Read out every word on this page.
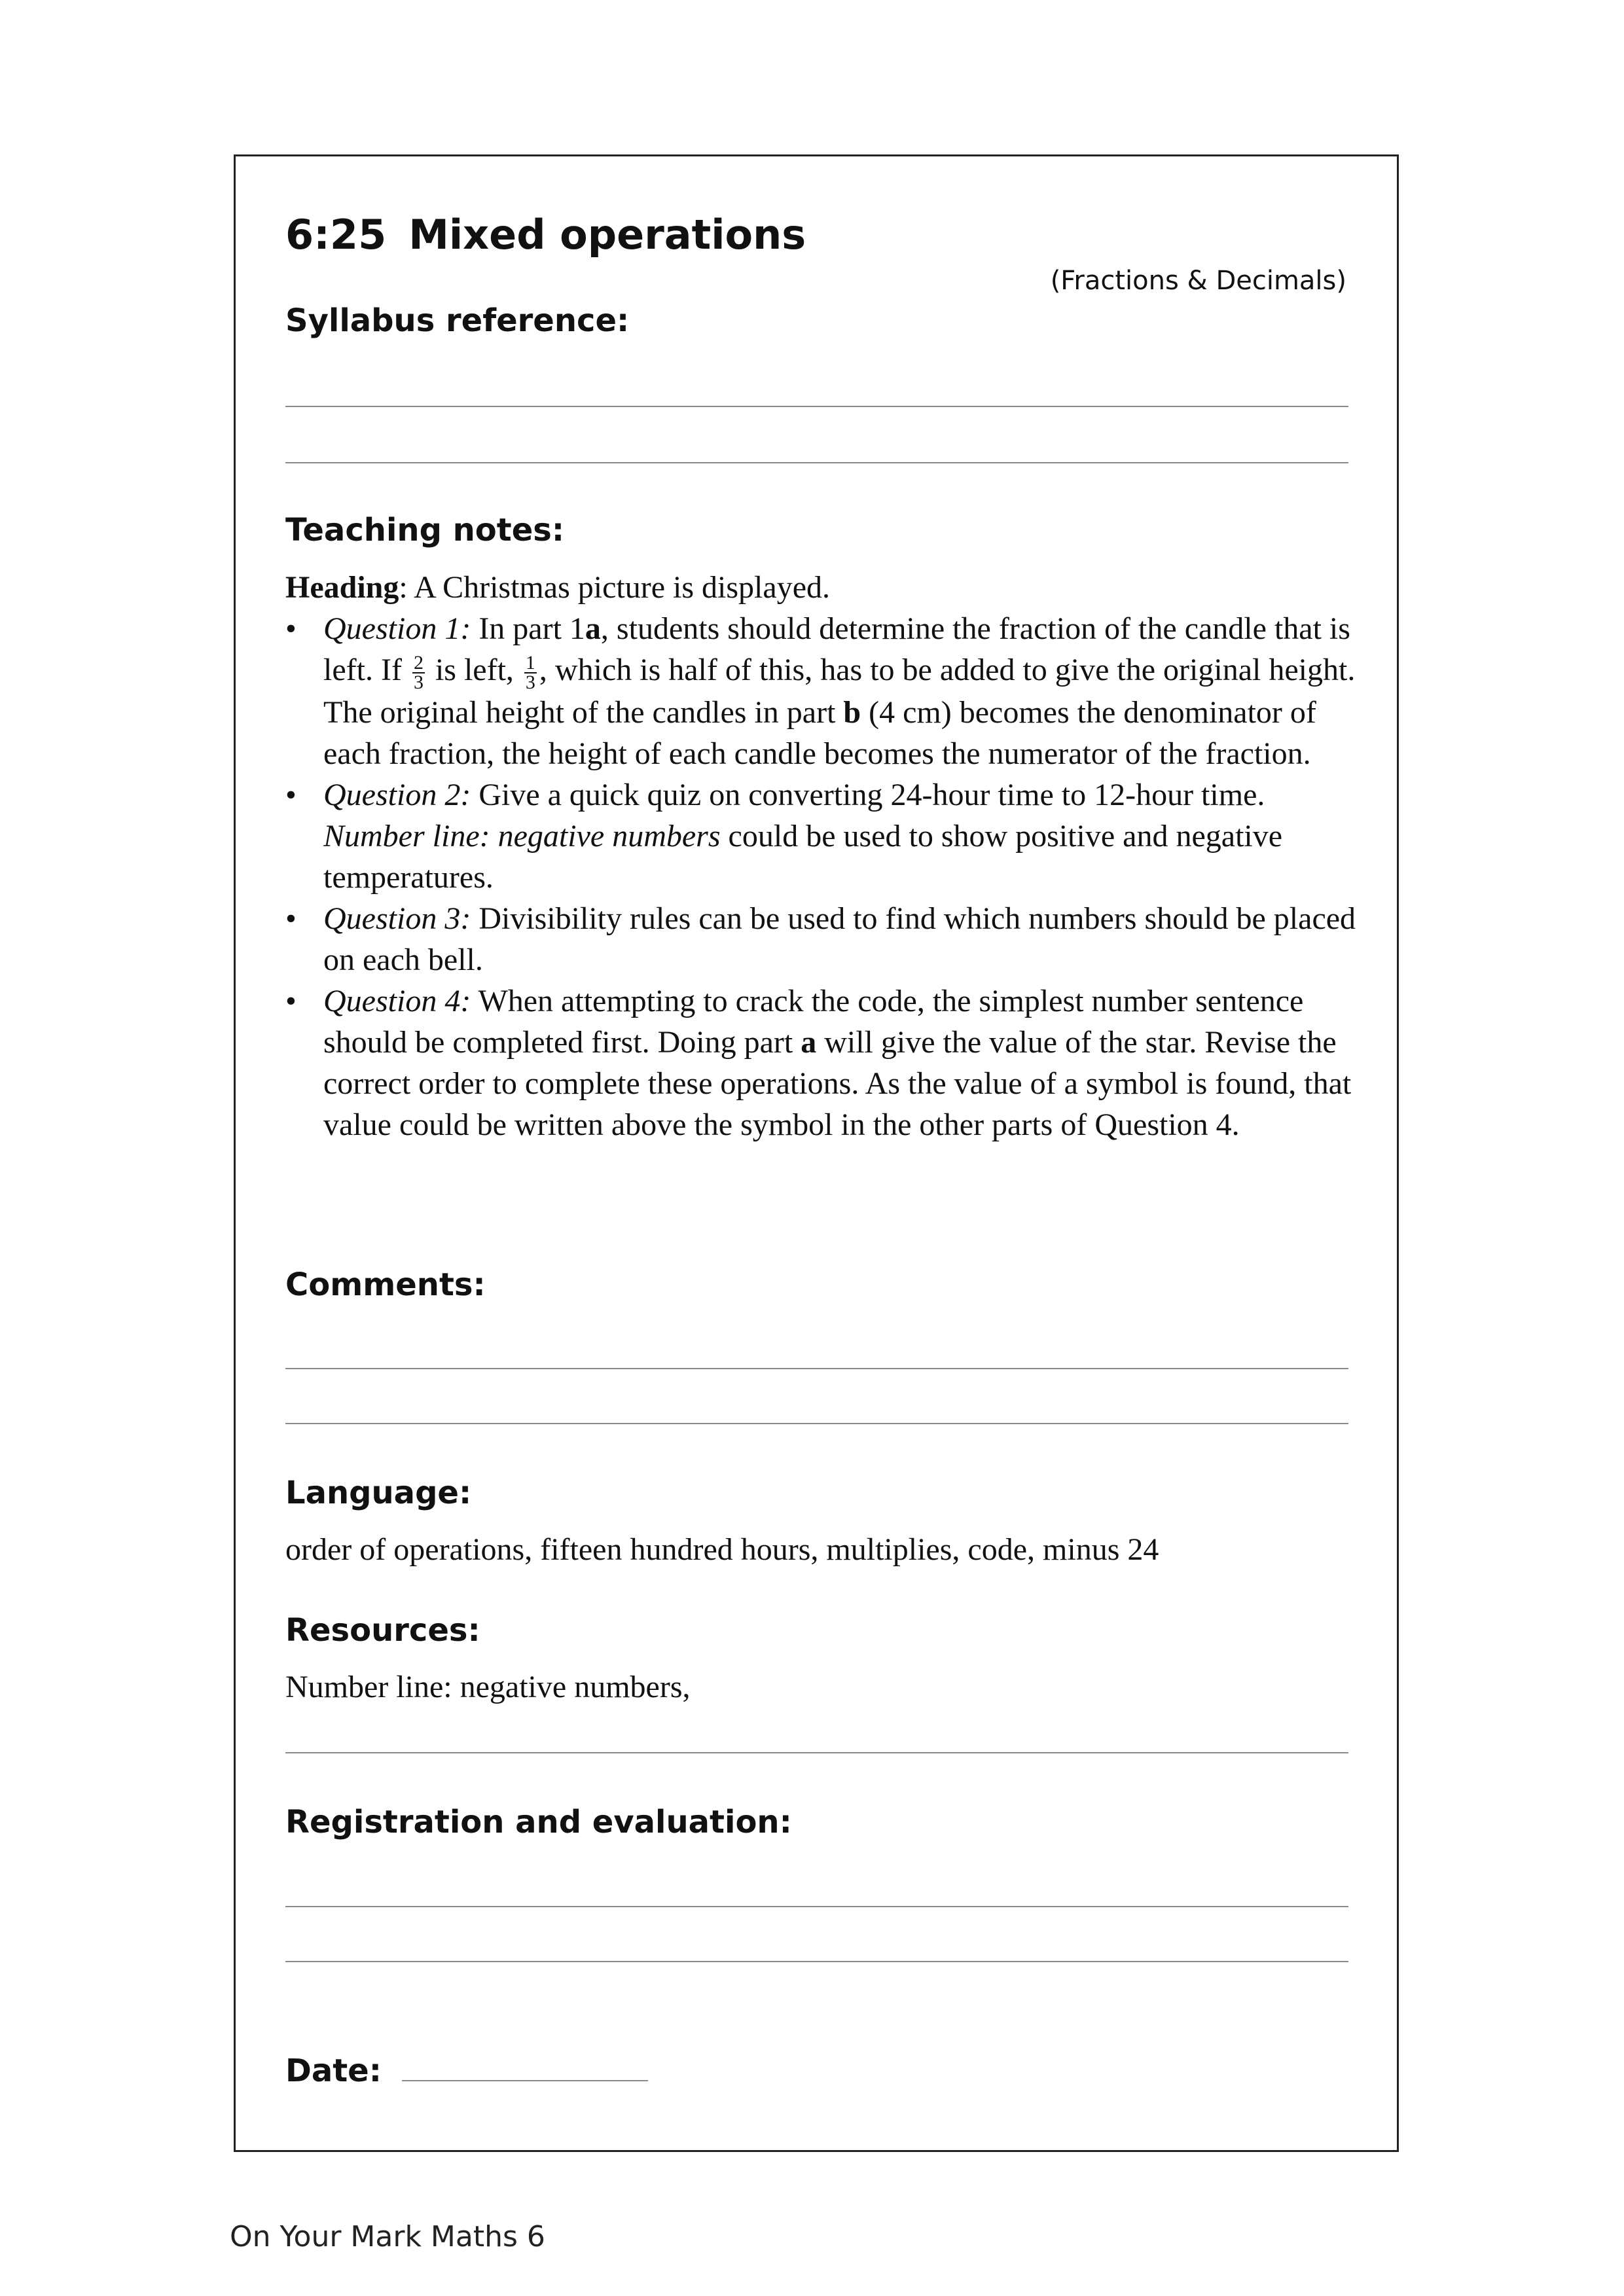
6:25 Mixed operations
(Fractions & Decimals)
Syllabus reference:
Teaching notes:

Heading: A Christmas picture is displayed.

• Question 1: In part 1a, students should determine the fraction of the candle that is left. If $\frac{2}{3}$ is left, $\frac{1}{3}$ , which is half of this, has to be added to give the original height. The original height of the candles in part b (4 cm) becomes the denominator of each fraction, the height of each candle becomes the numerator of the fraction.
• Question 2: Give a quick quiz on converting 24-hour time to 12-hour time. Number line: negative numbers could be used to show positive and negative temperatures.
• Question 3: Divisibility rules can be used to find which numbers should be placed on each bell.
• Question 4: When attempting to crack the code, the simplest number sentence should be completed first. Doing part a will give the value of the star. Revise the correct order to complete these operations. As the value of a symbol is found, that value could be written above the symbol in the other parts of Question 4.
Comments:
Language:
order of operations, fifteen hundred hours, multiplies, code, minus 24
Resources:
Number line: negative numbers,
Registration and evaluation:
Date:
On Your Mark Maths 6
